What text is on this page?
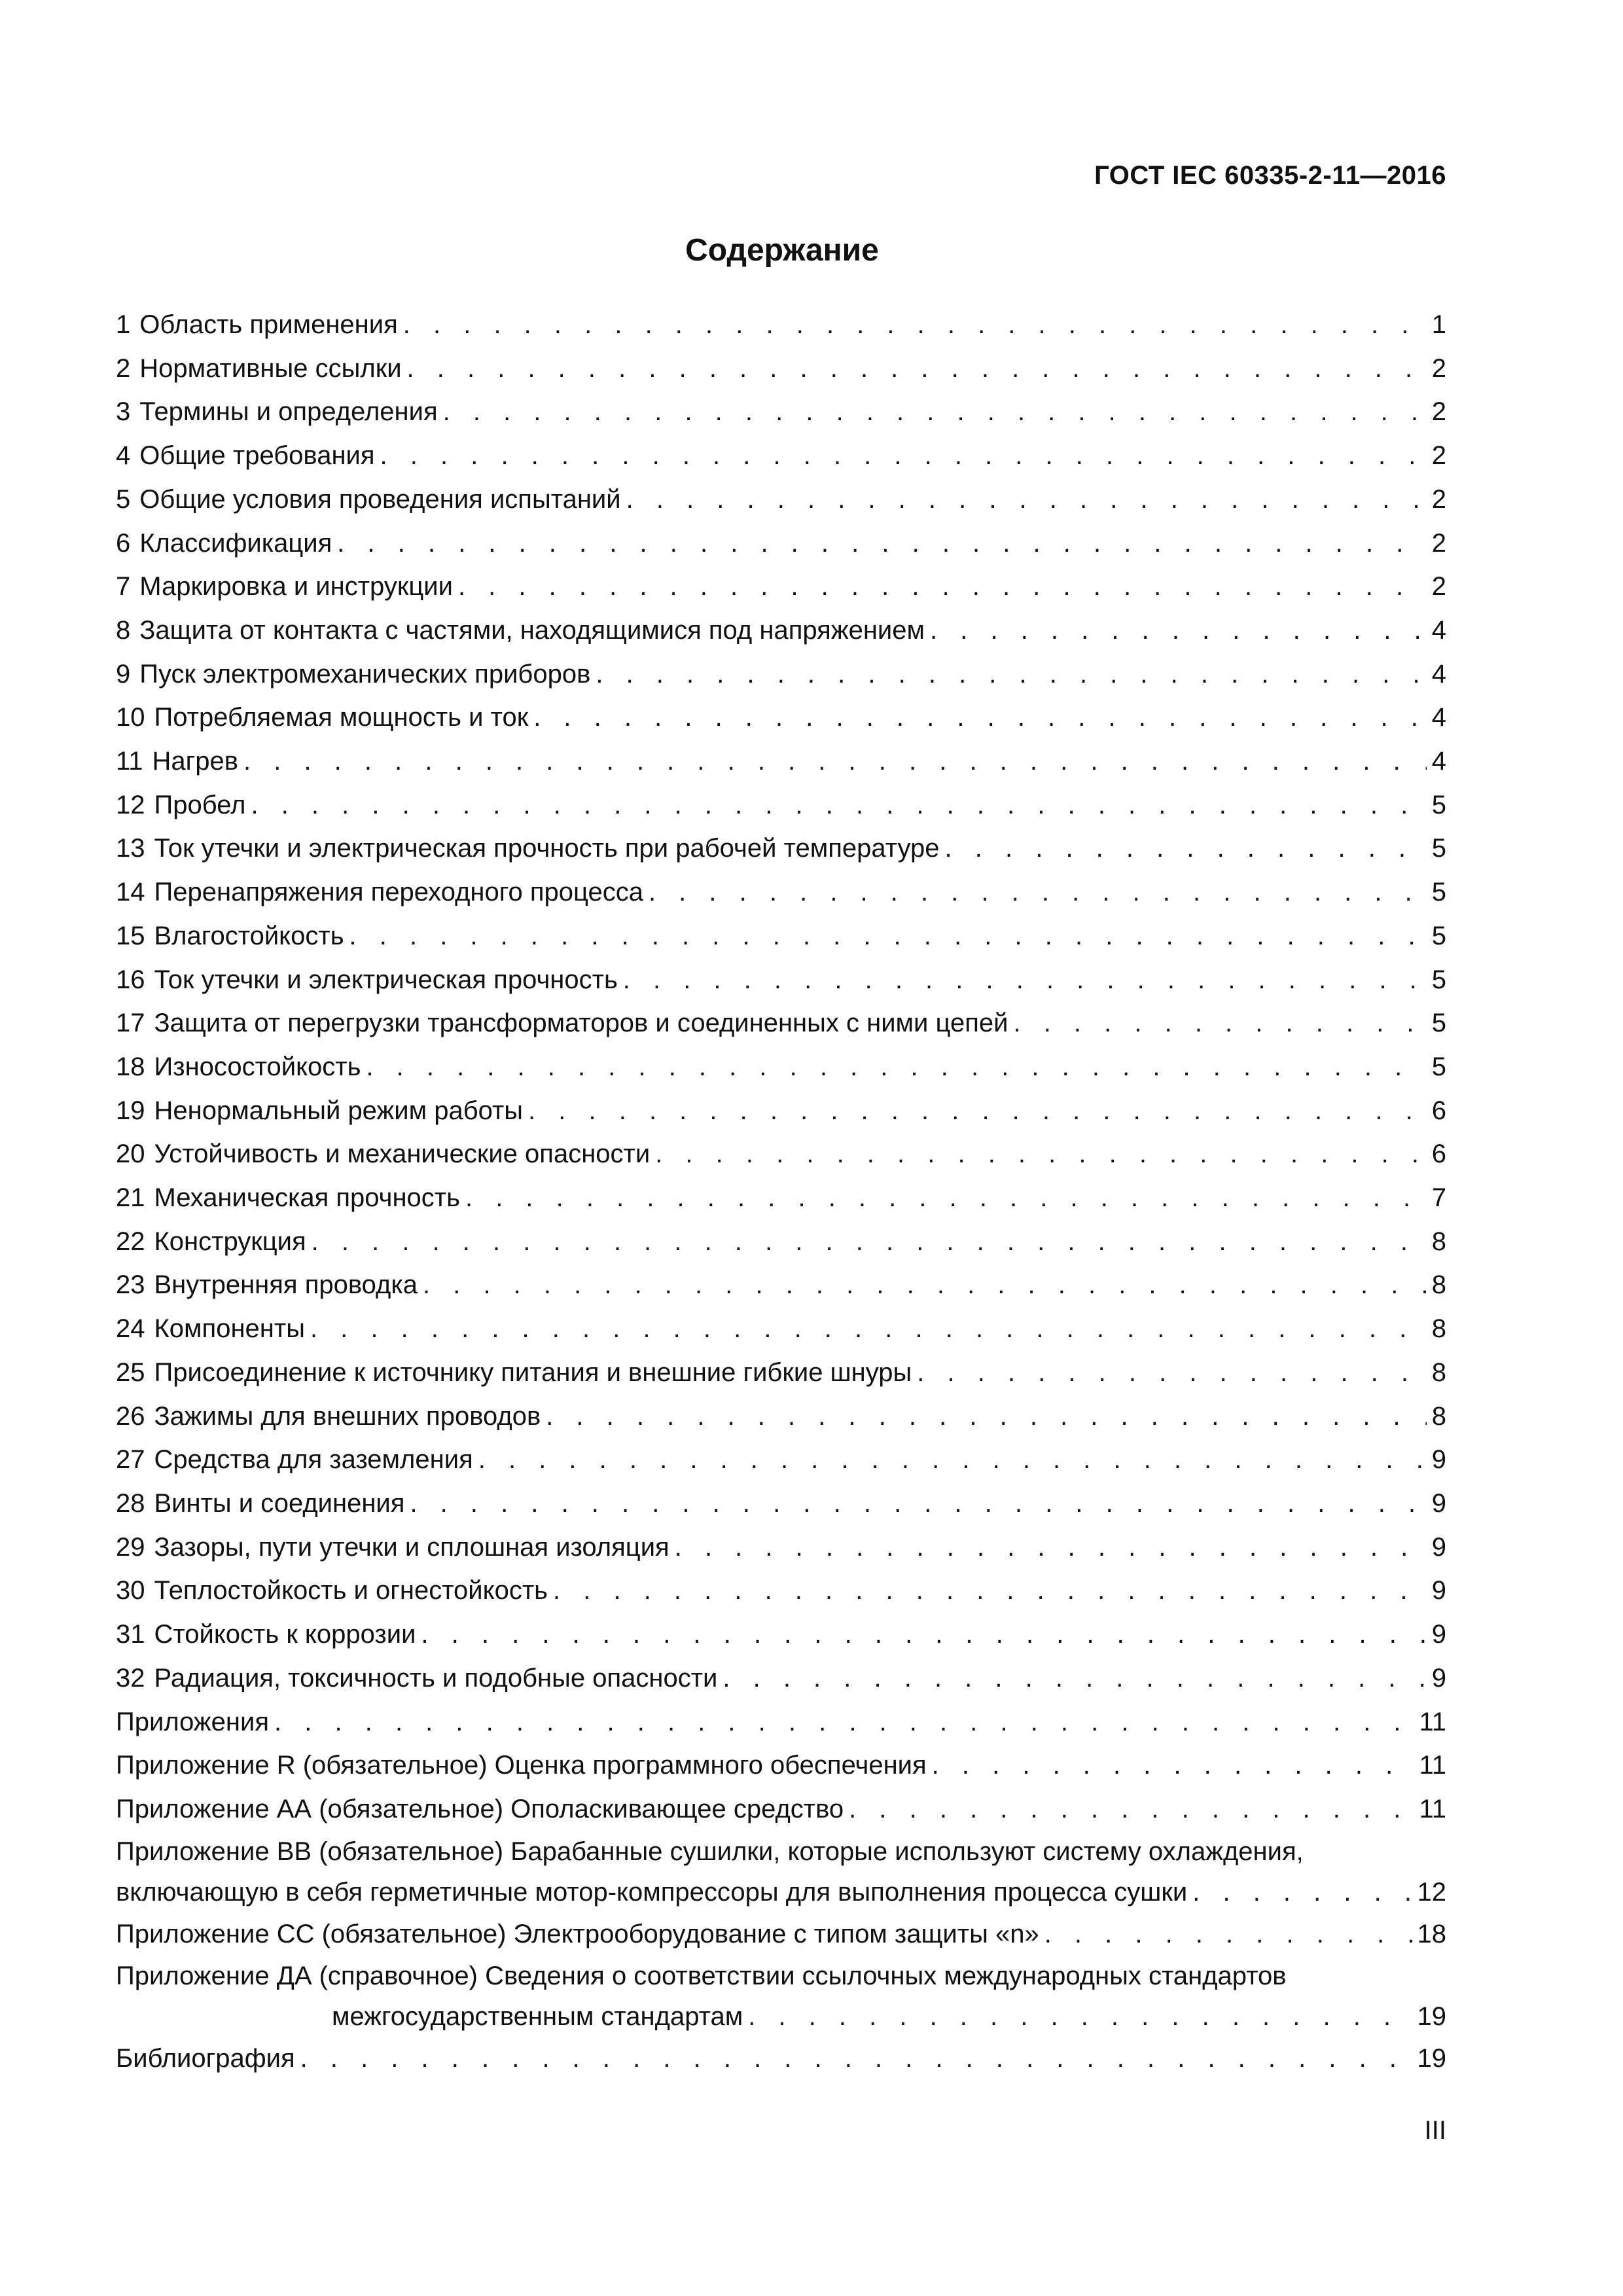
ГОСТ IEC 60335-2-11—2016
Содержание
1 Область применения . . .	1
2 Нормативные ссылки . . .	2
3 Термины и определения . . .	2
4 Общие требования . . .	2
5 Общие условия проведения испытаний . . .	2
6 Классификация . . .	2
7 Маркировка и инструкции . . .	2
8 Защита от контакта с частями, находящимися под напряжением . . .	4
9 Пуск электромеханических приборов . . .	4
10 Потребляемая мощность и ток . . .	4
11 Нагрев . . .	4
12 Пробел . . .	5
13 Ток утечки и электрическая прочность при рабочей температуре . . .	5
14 Перенапряжения переходного процесса . . .	5
15 Влагостойкость . . .	5
16 Ток утечки и электрическая прочность . . .	5
17 Защита от перегрузки трансформаторов и соединенных с ними цепей . . .	5
18 Износостойкость . . .	5
19 Ненормальный режим работы . . .	6
20 Устойчивость и механические опасности . . .	6
21 Механическая прочность . . .	7
22 Конструкция . . .	8
23 Внутренняя проводка . . .	8
24 Компоненты . . .	8
25 Присоединение к источнику питания и внешние гибкие шнуры . . .	8
26 Зажимы для внешних проводов . . .	8
27 Средства для заземления . . .	9
28 Винты и соединения . . .	9
29 Зазоры, пути утечки и сплошная изоляция . . .	9
30 Теплостойкость и огнестойкость . . .	9
31 Стойкость к коррозии . . .	9
32 Радиация, токсичность и подобные опасности . . .	9
Приложения . . .	11
Приложение R (обязательное) Оценка программного обеспечения . . .	11
Приложение АА (обязательное) Ополаскивающее средство . . .	11
Приложение ВВ (обязательное) Барабанные сушилки, которые используют систему охлаждения,
включающую в себя герметичные мотор-компрессоры для выполнения процесса сушки . . .	12
Приложение СС (обязательное) Электрооборудование с типом защиты «n» . . .	18
Приложение ДА (справочное) Сведения о соответствии ссылочных международных стандартов
межгосударственным стандартам . . .	19
Библиография . . .	19
III
